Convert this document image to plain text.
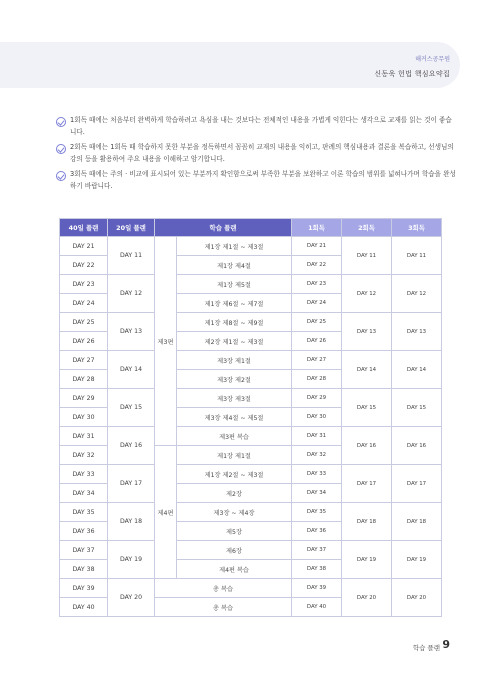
해커스공무원
신동욱 헌법 핵심요약집
1회독 때에는 처음부터 완벽하게 학습하려고 욕심을 내는 것보다는 전체적인 내용을 가볍게 익힌다는 생각으로 교재를 읽는 것이 좋습니다.
2회독 때에는 1회독 때 학습하지 못한 부분을 정독하면서 꼼꼼히 교재의 내용을 익히고, 판례의 핵심내용과 결론을 복습하고, 선생님의 강의 등을 활용하여 주요 내용을 이해하고 암기합니다.
3회독 때에는 주의 · 비교에 표시되어 있는 부분까지 확인함으로써 부족한 부분을 보완하고 이론 학습의 범위를 넓혀나가며 학습을 완성하기 바랍니다.
40일 플랜	20일 플랜	학습 플랜		1회독	2회독	3회독
DAY 21	DAY 11	제3편	제1장 제1절 ~ 제3절	DAY 21	DAY 11	DAY 11
DAY 22			제1장 제4절	DAY 22		
DAY 23	DAY 12		제1장 제5절	DAY 23	DAY 12	DAY 12
DAY 24			제1장 제6절 ~ 제7절	DAY 24		
DAY 25	DAY 13		제1장 제8절 ~ 제9절	DAY 25	DAY 13	DAY 13
DAY 26			제2장 제1절 ~ 제3절	DAY 26		
DAY 27	DAY 14		제3장 제1절	DAY 27	DAY 14	DAY 14
DAY 28			제3장 제2절	DAY 28		
DAY 29	DAY 15		제3장 제3절	DAY 29	DAY 15	DAY 15
DAY 30			제3장 제4절 ~ 제5절	DAY 30		
DAY 31	DAY 16		제3편 복습	DAY 31	DAY 16	DAY 16
DAY 32		제4편	제1장 제1절	DAY 32		
DAY 33	DAY 17		제1장 제2절 ~ 제3절	DAY 33	DAY 17	DAY 17
DAY 34			제2장	DAY 34		
DAY 35	DAY 18		제3장 ~ 제4장	DAY 35	DAY 18	DAY 18
DAY 36			제5장	DAY 36		
DAY 37	DAY 19		제6장	DAY 37	DAY 19	DAY 19
DAY 38			제4편 복습	DAY 38		
DAY 39	DAY 20	총 복습		DAY 39	DAY 20	DAY 20
DAY 40		총 복습		DAY 40		
학습 플랜 9
